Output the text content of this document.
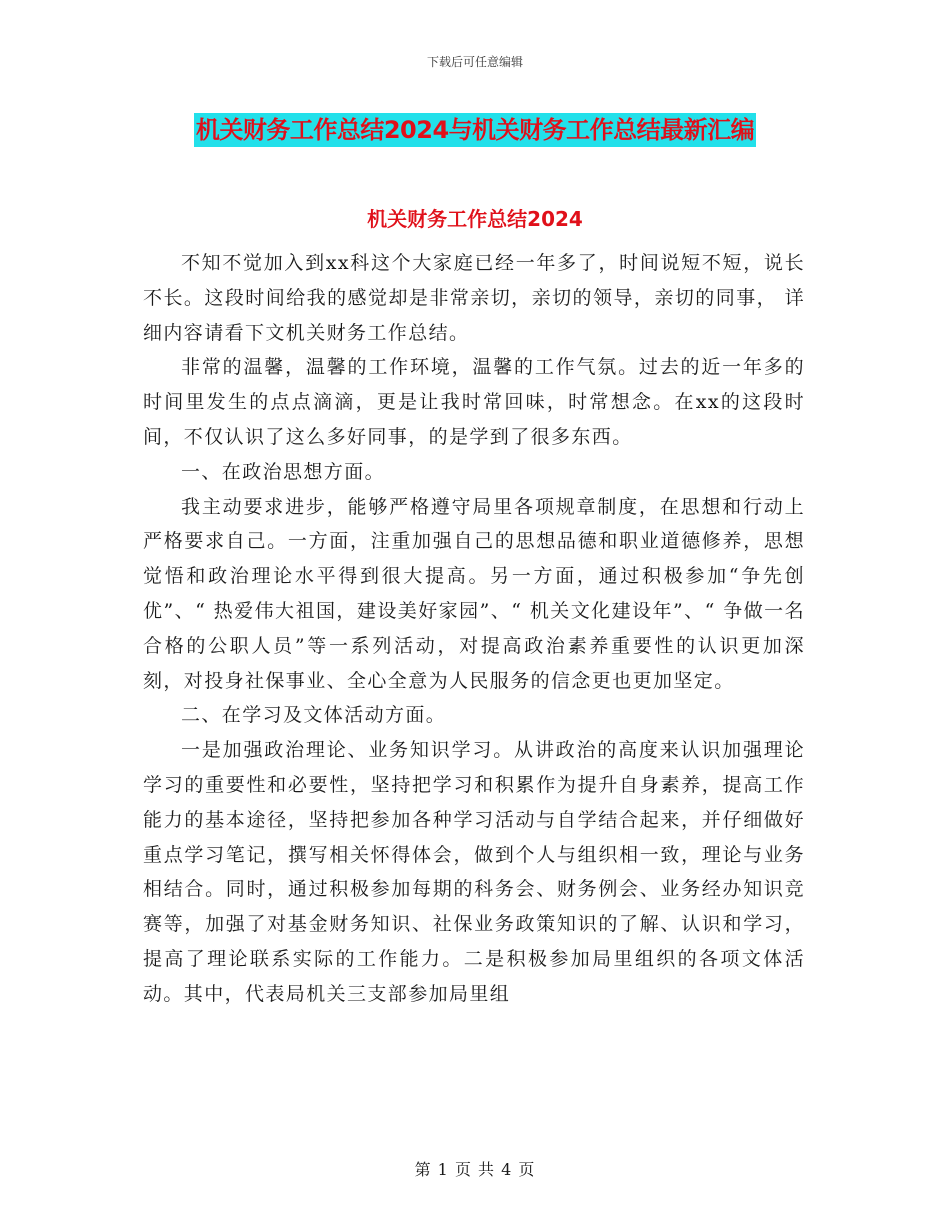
下载后可任意编辑
机关财务工作总结2024与机关财务工作总结最新汇编
机关财务工作总结2024

不知不觉加入到xx科这个大家庭已经一年多了，时间说短不短，说长不长。这段时间给我的感觉却是非常亲切，亲切的领导，亲切的同事， 详细内容请看下文机关财务工作总结。

非常的温馨，温馨的工作环境，温馨的工作气氛。过去的近一年多的时间里发生的点点滴滴，更是让我时常回味，时常想念。在xx的这段时间，不仅认识了这么多好同事，的是学到了很多东西。

一、在政治思想方面。

我主动要求进步，能够严格遵守局里各项规章制度，在思想和行动上严格要求自己。一方面，注重加强自己的思想品德和职业道德修养，思想觉悟和政治理论水平得到很大提高。另一方面，通过积极参加“争先创优”、“ 热爱伟大祖国，建设美好家园”、“ 机关文化建设年”、“ 争做一名合格的公职人员”等一系列活动，对提高政治素养重要性的认识更加深刻，对投身社保事业、全心全意为人民服务的信念更也更加坚定。

二、在学习及文体活动方面。

一是加强政治理论、业务知识学习。从讲政治的高度来认识加强理论学习的重要性和必要性，坚持把学习和积累作为提升自身素养，提高工作能力的基本途径，坚持把参加各种学习活动与自学结合起来，并仔细做好重点学习笔记，撰写相关怀得体会，做到个人与组织相一致，理论与业务相结合。同时，通过积极参加每期的科务会、财务例会、业务经办知识竞赛等，加强了对基金财务知识、社保业务政策知识的了解、认识和学习，提高了理论联系实际的工作能力。二是积极参加局里组织的各项文体活动。其中，代表局机关三支部参加局里组

第 1 页 共 4 页
